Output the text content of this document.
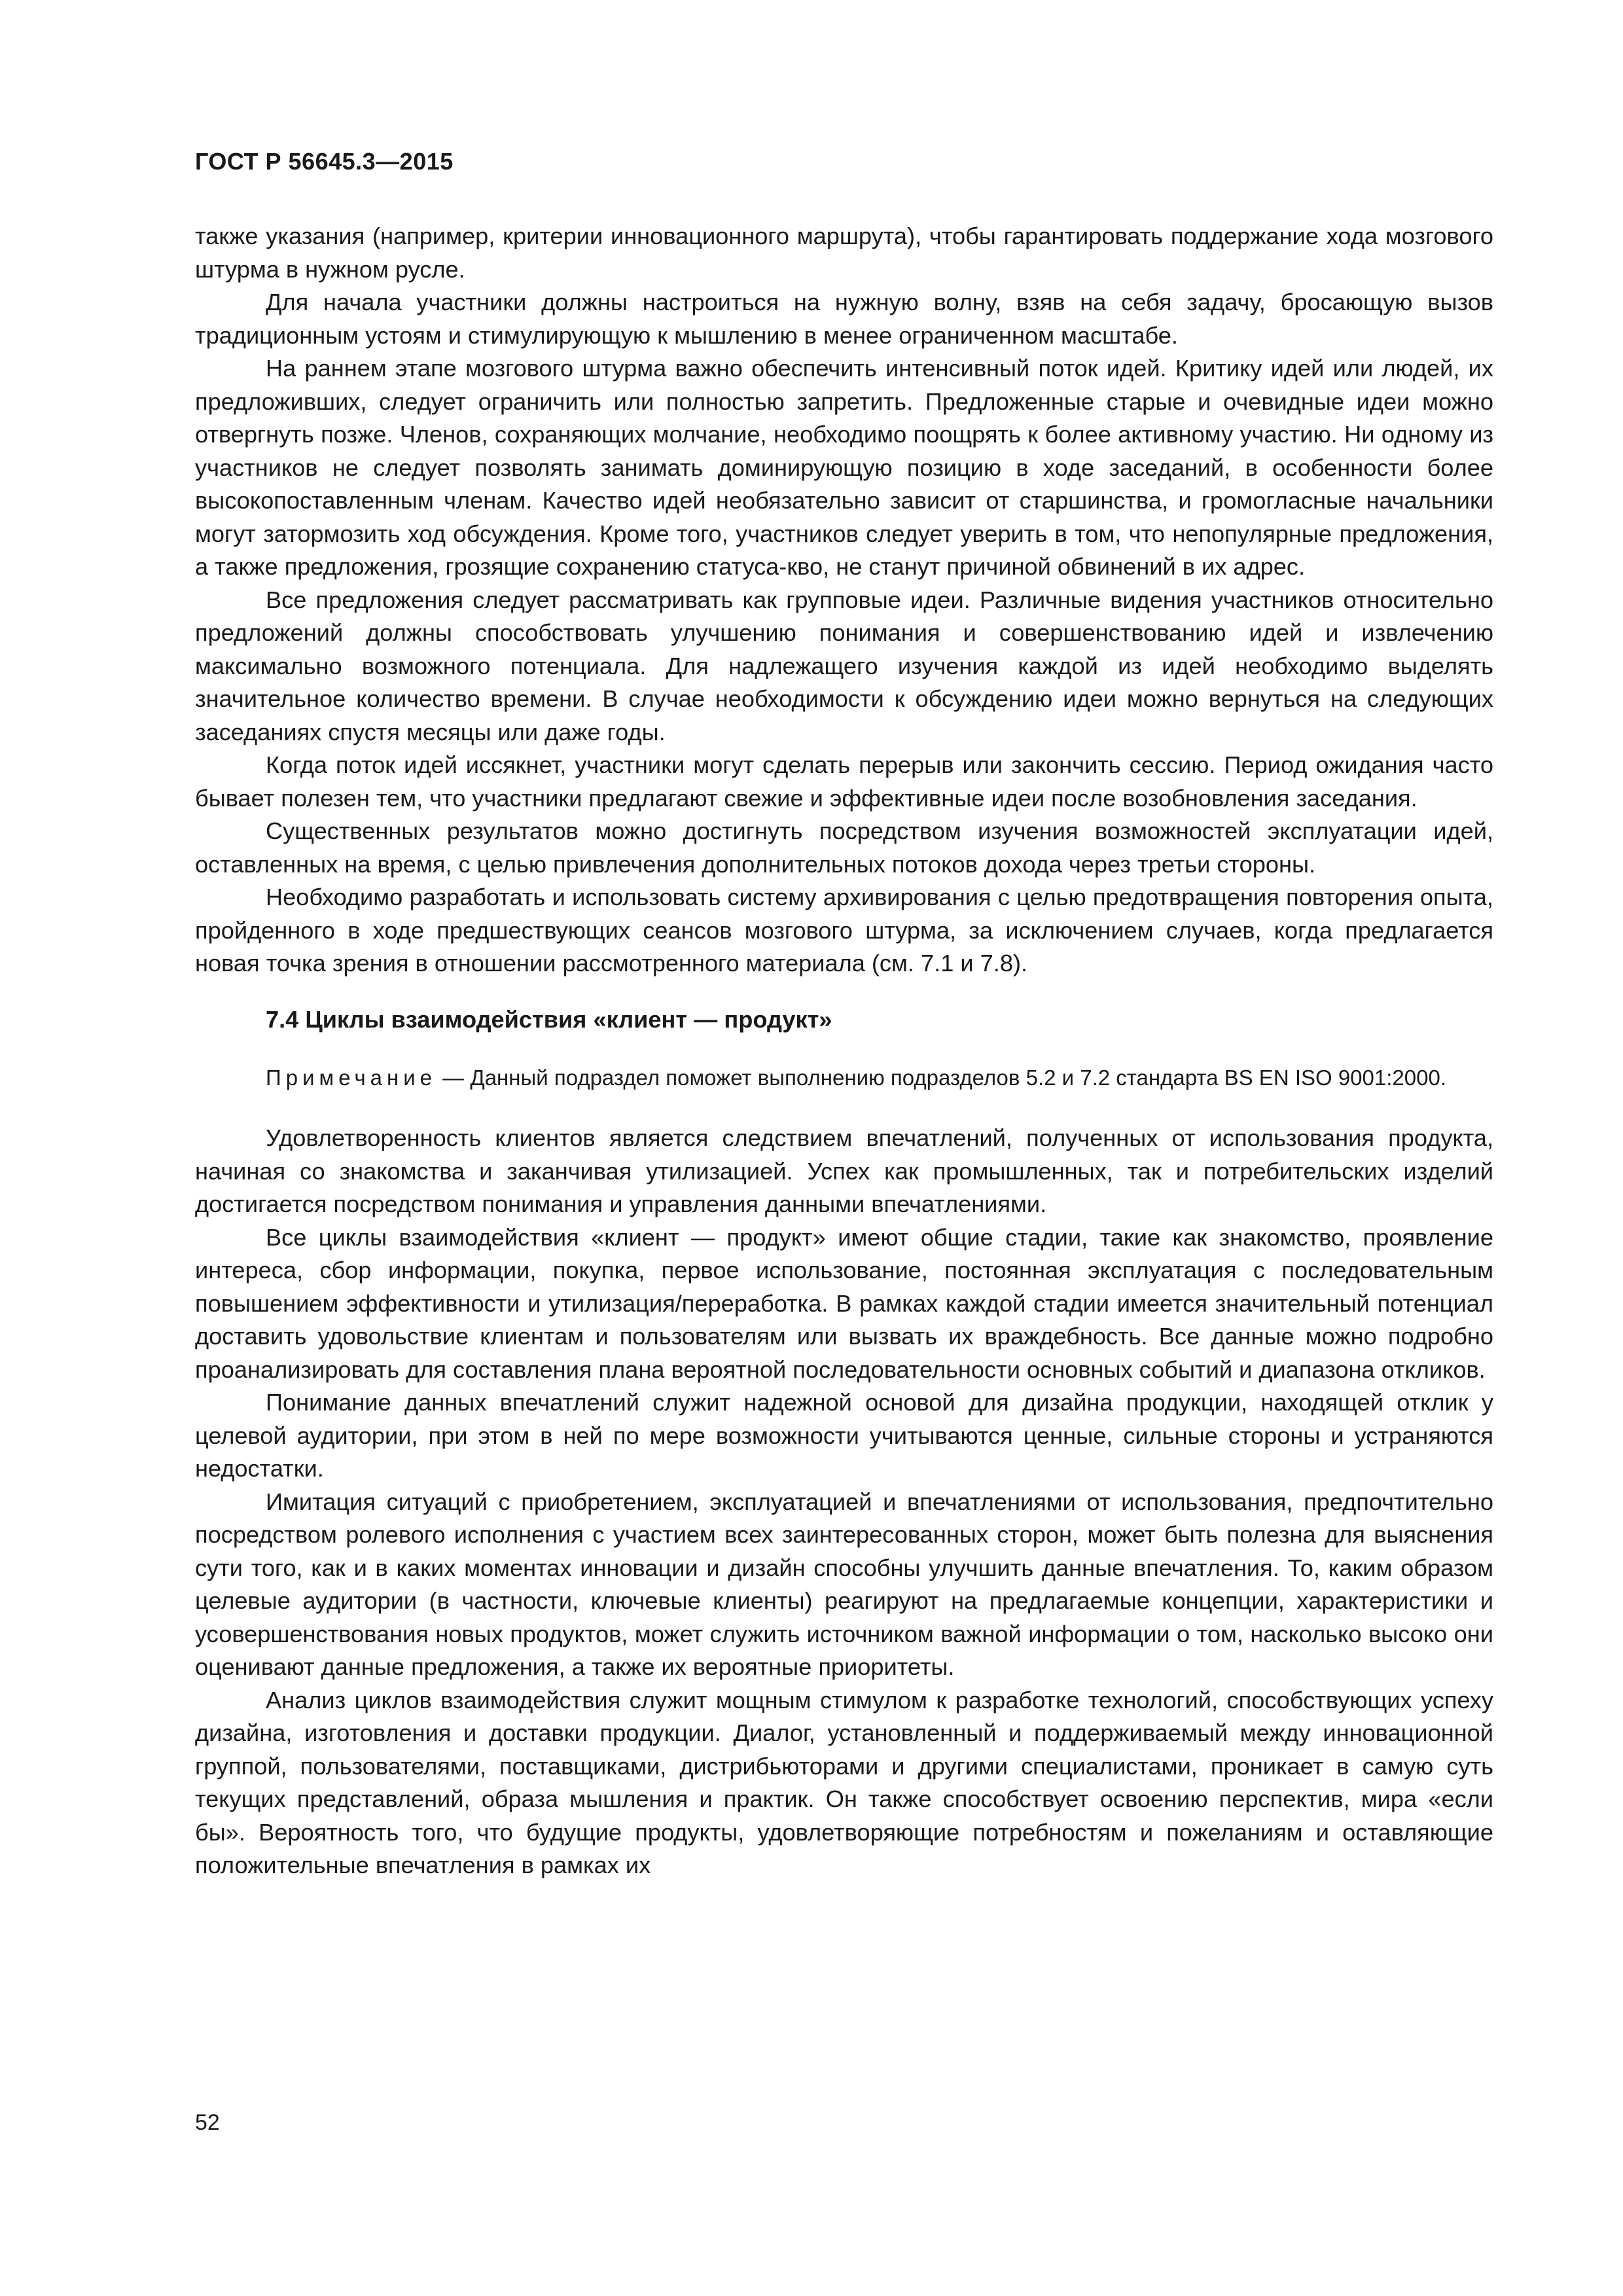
ГОСТ Р 56645.3—2015

также указания (например, критерии инновационного маршрута), чтобы гарантировать поддержание хода мозгового штурма в нужном русле.

Для начала участники должны настроиться на нужную волну, взяв на себя задачу, бросающую вызов традиционным устоям и стимулирующую к мышлению в менее ограниченном масштабе.

На раннем этапе мозгового штурма важно обеспечить интенсивный поток идей. Критику идей или людей, их предложивших, следует ограничить или полностью запретить. Предложенные старые и очевидные идеи можно отвергнуть позже. Членов, сохраняющих молчание, необходимо поощрять к более активному участию. Ни одному из участников не следует позволять занимать доминирующую позицию в ходе заседаний, в особенности более высокопоставленным членам. Качество идей необязательно зависит от старшинства, и громогласные начальники могут затормозить ход обсуждения. Кроме того, участников следует уверить в том, что непопулярные предложения, а также предложения, грозящие сохранению статуса-кво, не станут причиной обвинений в их адрес.

Все предложения следует рассматривать как групповые идеи. Различные видения участников относительно предложений должны способствовать улучшению понимания и совершенствованию идей и извлечению максимально возможного потенциала. Для надлежащего изучения каждой из идей необходимо выделять значительное количество времени. В случае необходимости к обсуждению идеи можно вернуться на следующих заседаниях спустя месяцы или даже годы.

Когда поток идей иссякнет, участники могут сделать перерыв или закончить сессию. Период ожидания часто бывает полезен тем, что участники предлагают свежие и эффективные идеи после возобновления заседания.

Существенных результатов можно достигнуть посредством изучения возможностей эксплуатации идей, оставленных на время, с целью привлечения дополнительных потоков дохода через третьи стороны.

Необходимо разработать и использовать систему архивирования с целью предотвращения повторения опыта, пройденного в ходе предшествующих сеансов мозгового штурма, за исключением случаев, когда предлагается новая точка зрения в отношении рассмотренного материала (см. 7.1 и 7.8).

7.4 Циклы взаимодействия «клиент — продукт»

Примечание — Данный подраздел поможет выполнению подразделов 5.2 и 7.2 стандарта BS EN ISO 9001:2000.

Удовлетворенность клиентов является следствием впечатлений, полученных от использования продукта, начиная со знакомства и заканчивая утилизацией. Успех как промышленных, так и потребительских изделий достигается посредством понимания и управления данными впечатлениями.

Все циклы взаимодействия «клиент — продукт» имеют общие стадии, такие как знакомство, проявление интереса, сбор информации, покупка, первое использование, постоянная эксплуатация с последовательным повышением эффективности и утилизация/переработка. В рамках каждой стадии имеется значительный потенциал доставить удовольствие клиентам и пользователям или вызвать их враждебность. Все данные можно подробно проанализировать для составления плана вероятной последовательности основных событий и диапазона откликов.

Понимание данных впечатлений служит надежной основой для дизайна продукции, находящей отклик у целевой аудитории, при этом в ней по мере возможности учитываются ценные, сильные стороны и устраняются недостатки.

Имитация ситуаций с приобретением, эксплуатацией и впечатлениями от использования, предпочтительно посредством ролевого исполнения с участием всех заинтересованных сторон, может быть полезна для выяснения сути того, как и в каких моментах инновации и дизайн способны улучшить данные впечатления. То, каким образом целевые аудитории (в частности, ключевые клиенты) реагируют на предлагаемые концепции, характеристики и усовершенствования новых продуктов, может служить источником важной информации о том, насколько высоко они оценивают данные предложения, а также их вероятные приоритеты.

Анализ циклов взаимодействия служит мощным стимулом к разработке технологий, способствующих успеху дизайна, изготовления и доставки продукции. Диалог, установленный и поддерживаемый между инновационной группой, пользователями, поставщиками, дистрибьюторами и другими специалистами, проникает в самую суть текущих представлений, образа мышления и практик. Он также способствует освоению перспектив, мира «если бы». Вероятность того, что будущие продукты, удовлетворяющие потребностям и пожеланиям и оставляющие положительные впечатления в рамках их

52
